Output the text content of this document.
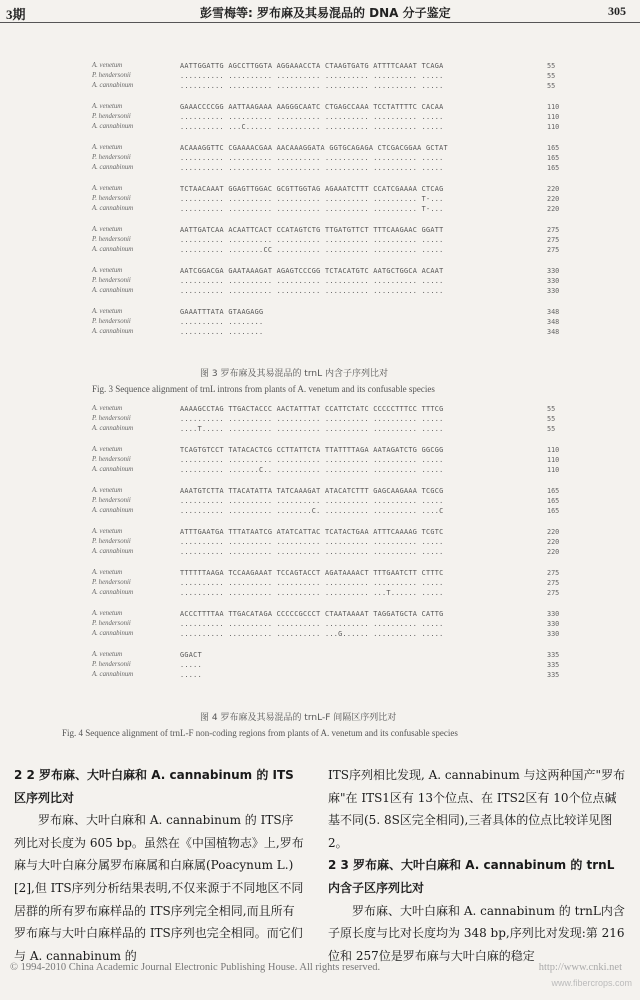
3期	彭雪梅等: 罗布麻及其易混品的 DNA 分子鉴定	305
A. venetum	AATTGGATTG AGCCTTGGTA AGGAAACCTA CTAAGTGATG ATTTTCAAAT TCAGA	55
P. hendersonii	.......... .......... .......... .......... .......... .....	55
A. cannabinum	.......... .......... .......... .......... .......... .....	55
A. venetum	GAAACCCCGG AATTAAGAAA AAGGGCAATC CTGAGCCAAA TCCTATTTTC CACAA	110
P. hendersonii	.......... .......... .......... .......... .......... .....	110
A. cannabinum	.......... ...C...... .......... .......... .......... .....	110
A. venetum	ACAAAGGTTC CGAAAACGAA AACAAAGGATA GGTGCAGAGA CTCGACGGAA GCTAT	165
P. hendersonii	.......... .......... .......... .......... .......... .....	165
A. cannabinum	.......... .......... .......... .......... .......... .....	165
A. venetum	TCTAACAAAT GGAGTTGGAC GCGTTGGTAG AGAAATCTTT CCATCGAAAA CTCAG	220
P. hendersonii	.......... .......... .......... .......... .......... T-...	220
A. cannabinum	.......... .......... .......... .......... .......... T-...	220
A. venetum	AATTGATCAA ACAATTCACT CCATAGTCTG TTGATGTTCT TTTCAAGAAC GGATT	275
P. hendersonii	.......... .......... .......... .......... .......... .....	275
A. cannabinum	.......... ........CC .......... .......... .......... .....	275
A. venetum	AATCGGACGA GAATAAAGAT AGAGTCCCGG TCTACATGTC AATGCTGGCA ACAAT	330
P. hendersonii	.......... .......... .......... .......... .......... .....	330
A. cannabinum	.......... .......... .......... .......... .......... .....	330
A. venetum	GAAATTTATA GTAAGAGG	348
P. hendersonii	.......... ........	348
A. cannabinum	.......... ........	348
图 3 罗布麻及其易混品的 trnL 内含子序列比对
Fig. 3 Sequence alignment of trnL introns from plants of A. venetum and its confusable species
A. venetum	AAAAGCCTAG TTGACTACCC AACTATTTAT CCATTCTATC CCCCCTTTCC TTTCG	55
P. hendersonii	.......... .......... .......... .......... .......... .....	55
A. cannabinum	....T..... .......... .......... .......... .......... .....	55
A. venetum	TCAGTGTCCT TATACACTCG CCTTATTCTA TTATTTTAGA AATAGATCTG GGCGG	110
P. hendersonii	.......... .......... .......... .......... .......... .....	110
A. cannabinum	.......... .......C.. .......... .......... .......... .....	110
A. venetum	AAATGTCTTA TTACATATTA TATCAAAGAT ATACATCTTT GAGCAAGAAA TCGCG	165
P. hendersonii	.......... .......... .......... .......... .......... .....	165
A. cannabinum	.......... .......... ........C. .......... .......... ....C	165
A. venetum	ATTTGAATGA TTTATAATCG ATATCATTAC TCATACTGAA ATTTCAAAAG TCGTC	220
P. hendersonii	.......... .......... .......... .......... .......... .....	220
A. cannabinum	.......... .......... .......... .......... .......... .....	220
A. venetum	TTTTTTAAGA TCCAAGAAAT TCCAGTACCT AGATAAAACT TTTGAATCTT CTTTC	275
P. hendersonii	.......... .......... .......... .......... .......... .....	275
A. cannabinum	.......... .......... .......... .......... ...T...... .....	275
A. venetum	ACCCTTTTAA TTGACATAGA CCCCCGCCCT CTAATAAAAT TAGGATGCTA CATTG	330
P. hendersonii	.......... .......... .......... .......... .......... .....	330
A. cannabinum	.......... .......... .......... ...G...... .......... .....	330
A. venetum	GGACT	335
P. hendersonii	.....	335
A. cannabinum	.....	335
图 4 罗布麻及其易混品的 trnL-F 间隔区序列比对
Fig. 4 Sequence alignment of trnL-F non-coding regions from plants of A. venetum and its confusable species

2 2 罗布麻、大叶白麻和 A. cannabinum 的 ITS区序列比对

罗布麻、大叶白麻和 A. cannabinum 的 ITS序列比对长度为 605 bp。虽然在《中国植物志》上,罗布麻与大叶白麻分属罗布麻属和白麻属(Poacynum L.)[2],但 ITS序列分析结果表明,不仅来源于不同地区不同居群的所有罗布麻样品的 ITS序列完全相同,而且所有罗布麻与大叶白麻样品的 ITS序列也完全相同。而它们与 A. cannabinum 的

ITS序列相比发现, A. cannabinum 与这两种国产"罗布麻"在 ITS1区有 13个位点、在 ITS2区有 10个位点碱基不同(5. 8S区完全相同),三者具体的位点比较详见图 2。

2 3 罗布麻、大叶白麻和 A. cannabinum 的 trnL内含子区序列比对

罗布麻、大叶白麻和 A. cannabinum 的 trnL内含子原长度与比对长度均为 348 bp,序列比对发现:第 216位和 257位是罗布麻与大叶白麻的稳定

© 1994-2010 China Academic Journal Electronic Publishing House. All rights reserved.	http://www.cnki.net
www.fibercrops.com
